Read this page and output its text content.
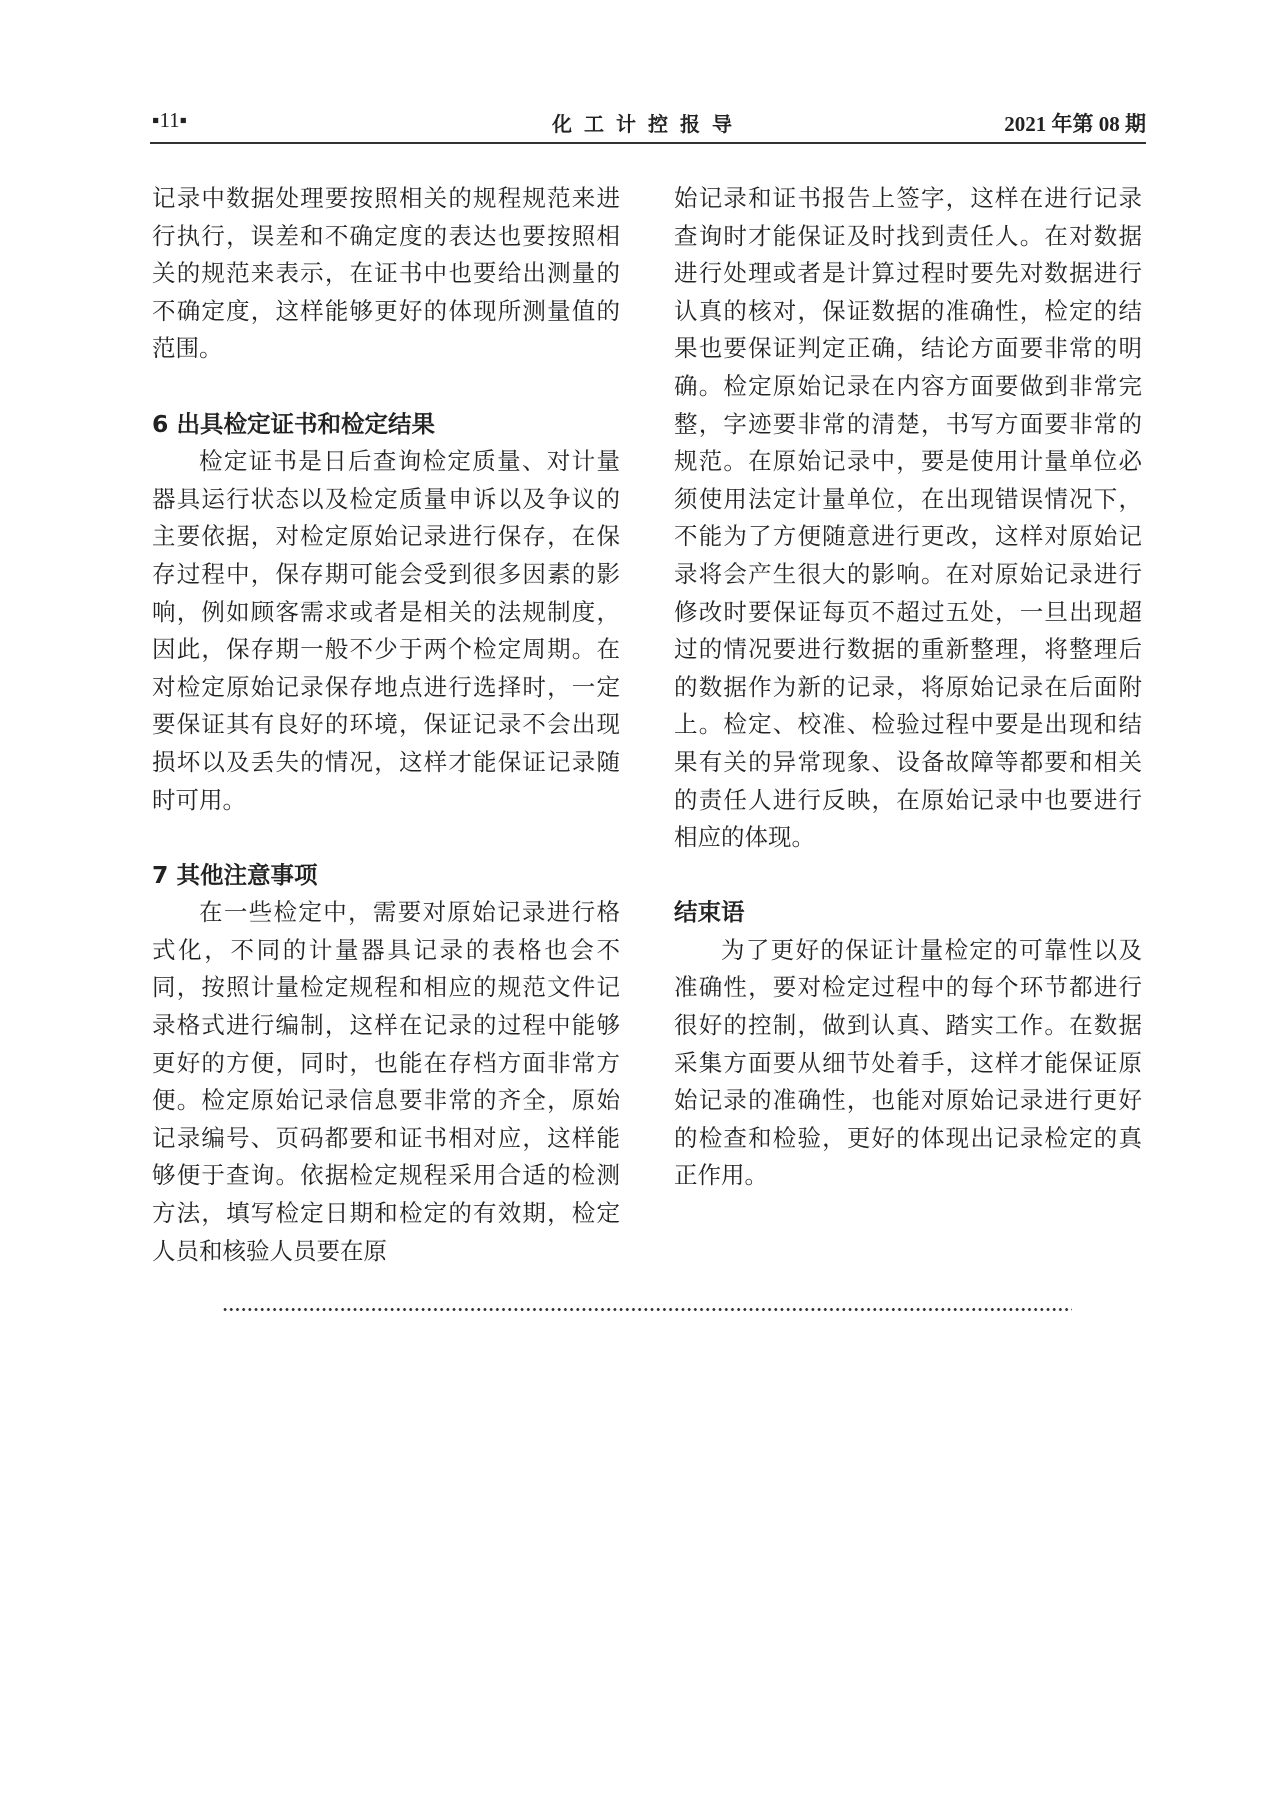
▪11▪	化工计控报导	2021 年第 08 期

记录中数据处理要按照相关的规程规范来进行执行，误差和不确定度的表达也要按照相关的规范来表示，在证书中也要给出测量的不确定度，这样能够更好的体现所测量值的范围。

6 出具检定证书和检定结果

检定证书是日后查询检定质量、对计量器具运行状态以及检定质量申诉以及争议的主要依据，对检定原始记录进行保存，在保存过程中，保存期可能会受到很多因素的影响，例如顾客需求或者是相关的法规制度，因此，保存期一般不少于两个检定周期。在对检定原始记录保存地点进行选择时，一定要保证其有良好的环境，保证记录不会出现损坏以及丢失的情况，这样才能保证记录随时可用。

7 其他注意事项

在一些检定中，需要对原始记录进行格式化，不同的计量器具记录的表格也会不同，按照计量检定规程和相应的规范文件记录格式进行编制，这样在记录的过程中能够更好的方便，同时，也能在存档方面非常方便。检定原始记录信息要非常的齐全，原始记录编号、页码都要和证书相对应，这样能够便于查询。依据检定规程采用合适的检测方法，填写检定日期和检定的有效期，检定人员和核验人员要在原

始记录和证书报告上签字，这样在进行记录查询时才能保证及时找到责任人。在对数据进行处理或者是计算过程时要先对数据进行认真的核对，保证数据的准确性，检定的结果也要保证判定正确，结论方面要非常的明确。检定原始记录在内容方面要做到非常完整，字迹要非常的清楚，书写方面要非常的规范。在原始记录中，要是使用计量单位必须使用法定计量单位，在出现错误情况下，不能为了方便随意进行更改，这样对原始记录将会产生很大的影响。在对原始记录进行修改时要保证每页不超过五处，一旦出现超过的情况要进行数据的重新整理，将整理后的数据作为新的记录，将原始记录在后面附上。检定、校准、检验过程中要是出现和结果有关的异常现象、设备故障等都要和相关的责任人进行反映，在原始记录中也要进行相应的体现。

结束语

为了更好的保证计量检定的可靠性以及准确性，要对检定过程中的每个环节都进行很好的控制，做到认真、踏实工作。在数据采集方面要从细节处着手，这样才能保证原始记录的准确性，也能对原始记录进行更好的检查和检验，更好的体现出记录检定的真正作用。
